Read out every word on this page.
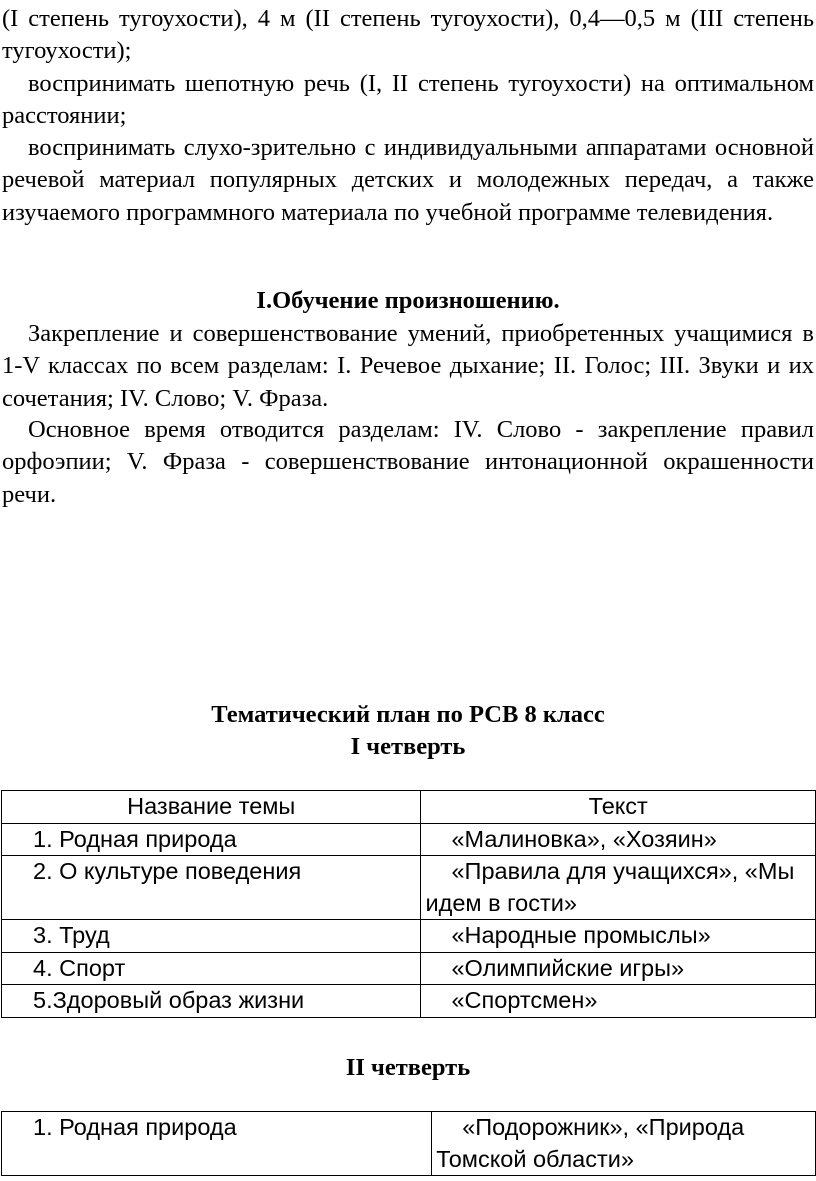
(I степень тугоухости), 4 м (II степень тугоухости), 0,4—0,5 м (III степень тугоухости);

воспринимать шепотную речь (I, II степень тугоухости) на оптимальном расстоянии;

воспринимать слухо-зрительно с индивидуальными аппаратами основной речевой материал популярных детских и молодежных передач, а также изучаемого программного материала по учебной программе телевидения.

I.Обучение произношению.

Закрепление и совершенствование умений, приобретенных учащимися в 1-V классах по всем разделам: I. Речевое дыхание; II. Голос; III. Звуки и их сочетания; IV. Слово; V. Фраза.

Основное время отводится разделам: IV. Слово - закрепление правил орфоэпии; V. Фраза - совершенствование интонационной окрашенности речи.

Тематический план по РСВ 8 класс

I четверть

Название темы	Текст
1. Родная природа	«Малиновка», «Хозяин»
2. О культуре поведения	«Правила для учащихся», «Мы идем в гости»
3. Труд	«Народные промыслы»
4. Спорт	«Олимпийские игры»
5.Здоровый образ жизни	«Спортсмен»

II четверть

1. Родная природа	«Подорожник», «Природа Томской области»
